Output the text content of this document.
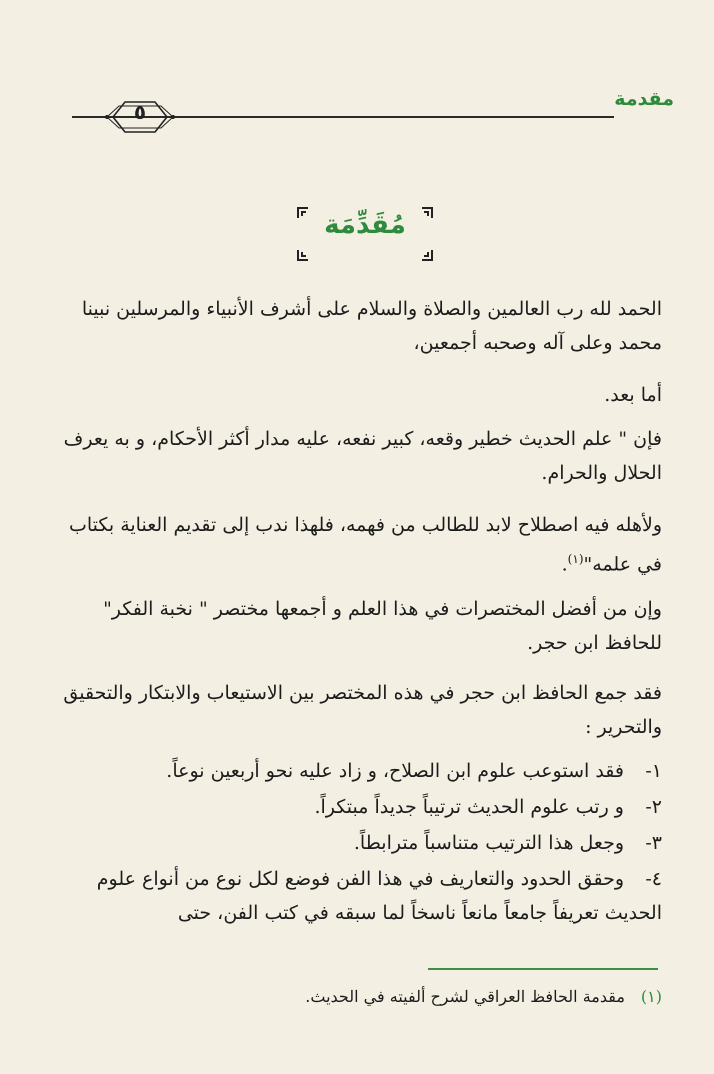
مقدمة
٥
مُقَدِّمَة

الحمد لله رب العالمين والصلاة والسلام على أشرف الأنبياء والمرسلين نبينا محمد وعلى آله وصحبه أجمعين،

أما بعد.

فإن " علم الحديث خطير وقعه، كبير نفعه، عليه مدار أكثر الأحكام، و به يعرف الحلال والحرام.

ولأهله فيه اصطلاح لابد للطالب من فهمه، فلهذا ندب إلى تقديم العناية بكتاب في علمه"$^{(١)}$.

وإن من أفضل المختصرات في هذا العلم و أجمعها مختصر " نخبة الفكر" للحافظ ابن حجر.

فقد جمع الحافظ ابن حجر في هذه المختصر بين الاستيعاب والابتكار والتحقيق والتحرير :

١-فقد استوعب علوم ابن الصلاح، و زاد عليه نحو أربعين نوعاً.

٢-و رتب علوم الحديث ترتيباً جديداً مبتكراً.

٣-وجعل هذا الترتيب متناسباً مترابطاً.

٤-وحقق الحدود والتعاريف في هذا الفن فوضع لكل نوع من أنواع علوم الحديث تعريفاً جامعاً مانعاً ناسخاً لما سبقه في كتب الفن، حتى

(١)مقدمة الحافظ العراقي لشرح ألفيته في الحديث.
